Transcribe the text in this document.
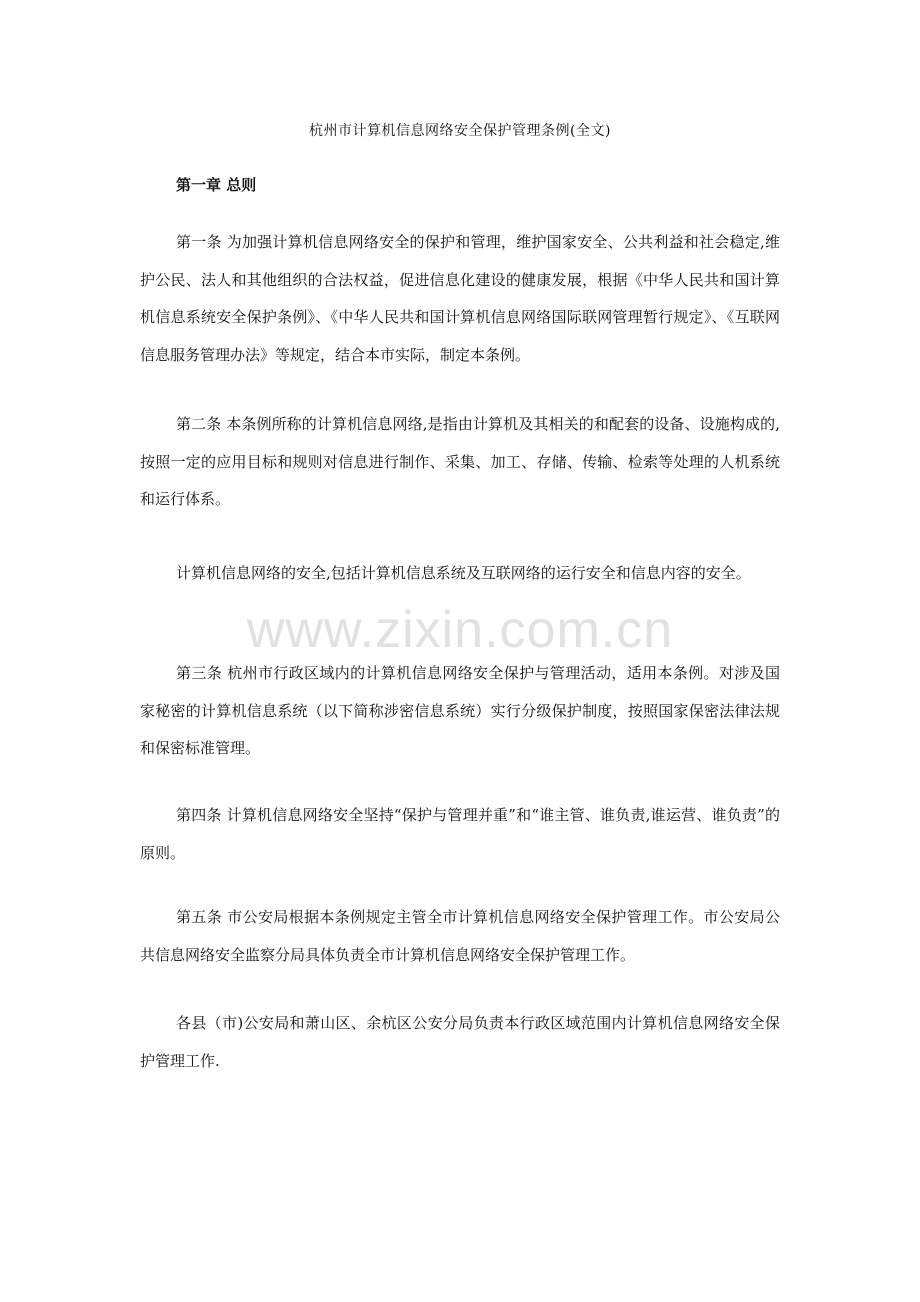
杭州市计算机信息网络安全保护管理条例(全文)
第一章 总则

第一条 为加强计算机信息网络安全的保护和管理，维护国家安全、公共利益和社会稳定,维护公民、法人和其他组织的合法权益，促进信息化建设的健康发展，根据《中华人民共和国计算机信息系统安全保护条例》、《中华人民共和国计算机信息网络国际联网管理暂行规定》、《互联网信息服务管理办法》等规定，结合本市实际，制定本条例。

第二条 本条例所称的计算机信息网络,是指由计算机及其相关的和配套的设备、设施构成的,按照一定的应用目标和规则对信息进行制作、采集、加工、存储、传输、检索等处理的人机系统和运行体系。

计算机信息网络的安全,包括计算机信息系统及互联网络的运行安全和信息内容的安全。

第三条 杭州市行政区域内的计算机信息网络安全保护与管理活动，适用本条例。对涉及国家秘密的计算机信息系统（以下简称涉密信息系统）实行分级保护制度，按照国家保密法律法规和保密标准管理。

第四条 计算机信息网络安全坚持“保护与管理并重”和“谁主管、谁负责,谁运营、谁负责”的原则。

第五条 市公安局根据本条例规定主管全市计算机信息网络安全保护管理工作。市公安局公共信息网络安全监察分局具体负责全市计算机信息网络安全保护管理工作。

各县（市)公安局和萧山区、余杭区公安分局负责本行政区域范围内计算机信息网络安全保护管理工作.

www.zixin.com.cn
